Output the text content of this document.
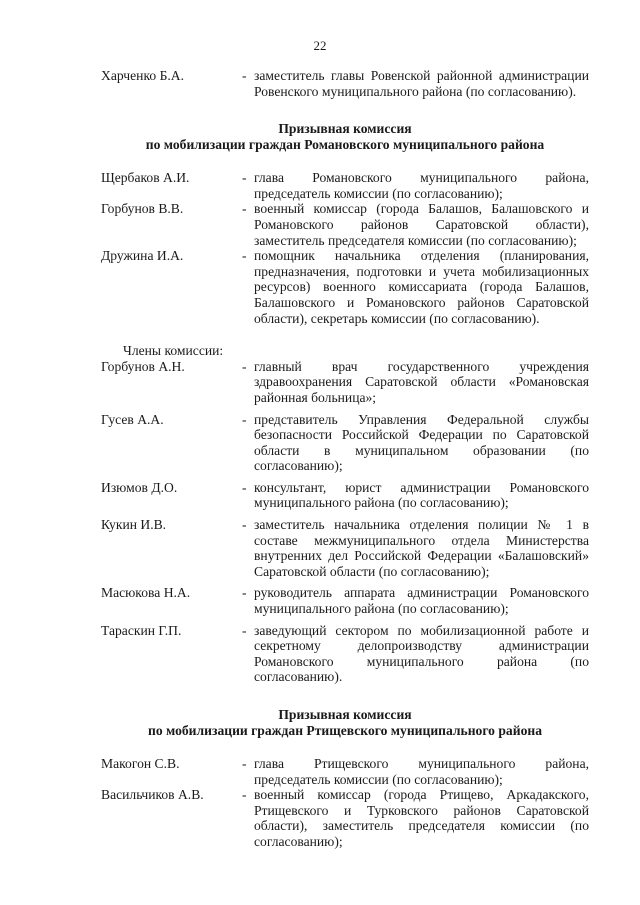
22
Харченко Б.А.	- заместитель главы Ровенской районной администрации Ровенского муниципального района (по согласованию).
Призывная комиссия
по мобилизации граждан Романовского муниципального района
Щербаков А.И.	- глава Романовского муниципального района, председатель комиссии (по согласованию);
Горбунов В.В.	- военный комиссар (города Балашов, Балашовского и Романовского районов Саратовской области), заместитель председателя комиссии (по согласованию);
Дружина И.А.	- помощник начальника отделения (планирования, предназначения, подготовки и учета мобилизационных ресурсов) военного комиссариата (города Балашов, Балашовского и Романовского районов Саратовской области), секретарь комиссии (по согласованию).
Члены комиссии:
Горбунов А.Н.	- главный врач государственного учреждения здравоохранения Саратовской области «Романовская районная больница»;
Гусев А.А.	- представитель Управления Федеральной службы безопасности Российской Федерации по Саратовской области в муниципальном образовании (по согласованию);
Изюмов Д.О.	- консультант, юрист администрации Романовского муниципального района (по согласованию);
Кукин И.В.	- заместитель начальника отделения полиции № 1 в составе межмуниципального отдела Министерства внутренних дел Российской Федерации «Балашовский» Саратовской области (по согласованию);
Масюкова Н.А.	- руководитель аппарата администрации Романовского муниципального района (по согласованию);
Тараскин Г.П.	- заведующий сектором по мобилизационной работе и секретному делопроизводству администрации Романовского муниципального района (по согласованию).
Призывная комиссия
по мобилизации граждан Ртищевского муниципального района
Макогон С.В.	- глава Ртищевского муниципального района, председатель комиссии (по согласованию);
Васильчиков А.В.	- военный комиссар (города Ртищево, Аркадакского, Ртищевского и Турковского районов Саратовской области), заместитель председателя комиссии (по согласованию);
